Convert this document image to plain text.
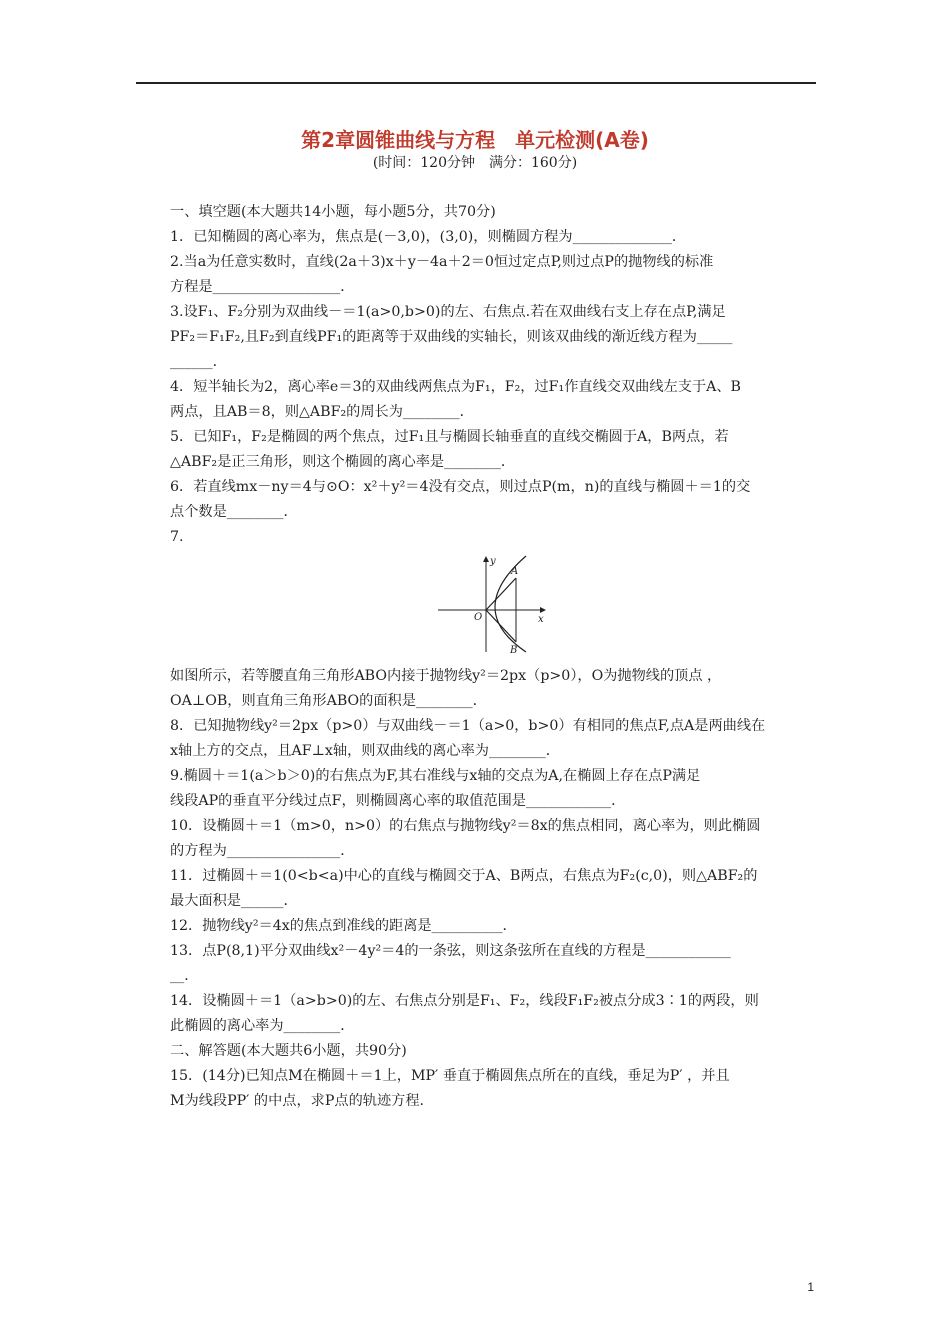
第2章圆锥曲线与方程　单元检测(A卷)
(时间：120分钟　满分：160分)

一、填空题(本大题共14小题，每小题5分，共70分)

1．已知椭圆的离心率为，焦点是(－3,0)，(3,0)，则椭圆方程为______________．

2.当a为任意实数时，直线(2a＋3)x＋y－4a＋2＝0恒过定点P,则过点P的抛物线的标准

方程是__________________．

3.设F₁、F₂分别为双曲线－＝1(a>0,b>0)的左、右焦点.若在双曲线右支上存在点P,满足

PF₂＝F₁F₂,且F₂到直线PF₁的距离等于双曲线的实轴长，则该双曲线的渐近线方程为_____

______．

4．短半轴长为2，离心率e＝3的双曲线两焦点为F₁，F₂，过F₁作直线交双曲线左支于A、B

两点，且AB＝8，则△ABF₂的周长为________．

5．已知F₁，F₂是椭圆的两个焦点，过F₁且与椭圆长轴垂直的直线交椭圆于A，B两点，若

△ABF₂是正三角形，则这个椭圆的离心率是________．

6．若直线mx－ny＝4与⊙O：x²＋y²＝4没有交点，则过点P(m，n)的直线与椭圆＋＝1的交

点个数是________．

7.

y
x
O
A
B

如图所示，若等腰直角三角形ABO内接于抛物线y²＝2px（p>0），O为抛物线的顶点 ，

OA⊥OB，则直角三角形ABO的面积是________．

8．已知抛物线y²＝2px（p>0）与双曲线－＝1（a>0，b>0）有相同的焦点F,点A是两曲线在

x轴上方的交点，且AF⊥x轴，则双曲线的离心率为________．

9.椭圆＋＝1(a＞b＞0)的右焦点为F,其右准线与x轴的交点为A,在椭圆上存在点P满足

线段AP的垂直平分线过点F，则椭圆离心率的取值范围是____________．

10．设椭圆＋＝1（m>0，n>0）的右焦点与抛物线y²＝8x的焦点相同，离心率为，则此椭圆

的方程为________________．

11．过椭圆＋＝1(0<b<a)中心的直线与椭圆交于A、B两点，右焦点为F₂(c,0)，则△ABF₂的

最大面积是______．

12．抛物线y²＝4x的焦点到准线的距离是__________．

13．点P(8,1)平分双曲线x²－4y²＝4的一条弦，则这条弦所在直线的方程是____________

__．

14．设椭圆＋＝1（a>b>0)的左、右焦点分别是F₁、F₂，线段F₁F₂被点分成3∶1的两段，则

此椭圆的离心率为________．

二、解答题(本大题共6小题，共90分)

15．(14分)已知点M在椭圆＋＝1上，MP′ 垂直于椭圆焦点所在的直线，垂足为P′ ，并且

M为线段PP′ 的中点，求P点的轨迹方程.

1
